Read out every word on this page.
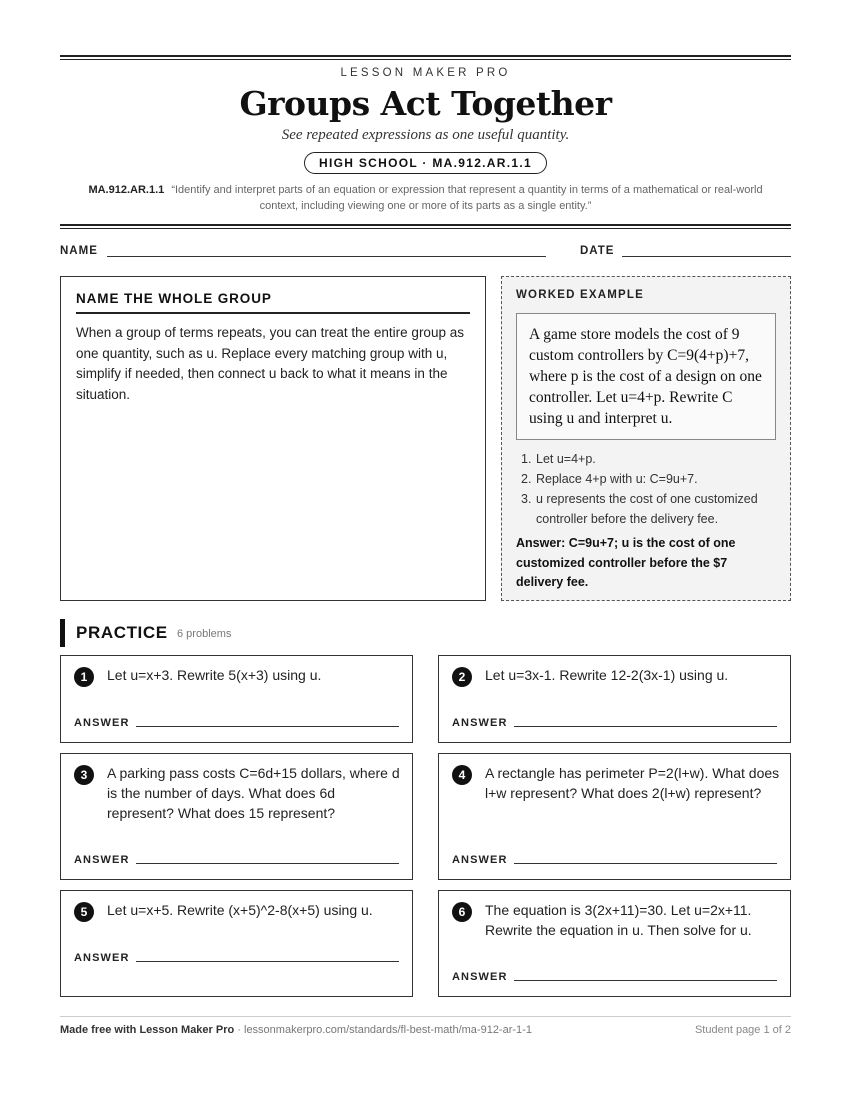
LESSON MAKER PRO
Groups Act Together
See repeated expressions as one useful quantity.
HIGH SCHOOL · MA.912.AR.1.1
MA.912.AR.1.1 “Identify and interpret parts of an equation or expression that represent a quantity in terms of a mathematical or real-world context, including viewing one or more of its parts as a single entity.”
NAME	DATE
NAME THE WHOLE GROUP
When a group of terms repeats, you can treat the entire group as one quantity, such as u. Replace every matching group with u, simplify if needed, then connect u back to what it means in the situation.
WORKED EXAMPLE
A game store models the cost of 9 custom controllers by C=9(4+p)+7, where p is the cost of a design on one controller. Let u=4+p. Rewrite C using u and interpret u.
1. Let u=4+p.
2. Replace 4+p with u: C=9u+7.
3. u represents the cost of one customized controller before the delivery fee.
Answer: C=9u+7; u is the cost of one customized controller before the $7 delivery fee.
PRACTICE 6 problems
1	Let u=x+3. Rewrite 5(x+3) using u.
ANSWER
2	Let u=3x-1. Rewrite 12-2(3x-1) using u.
ANSWER
3	A parking pass costs C=6d+15 dollars, where d is the number of days. What does 6d represent? What does 15 represent?
ANSWER
4	A rectangle has perimeter P=2(l+w). What does l+w represent? What does 2(l+w) represent?
ANSWER
5	Let u=x+5. Rewrite (x+5)^2-8(x+5) using u.
ANSWER
6	The equation is 3(2x+11)=30. Let u=2x+11. Rewrite the equation in u. Then solve for u.
ANSWER
Made free with Lesson Maker Pro · lessonmakerpro.com/standards/fl-best-math/ma-912-ar-1-1	Student page 1 of 2
